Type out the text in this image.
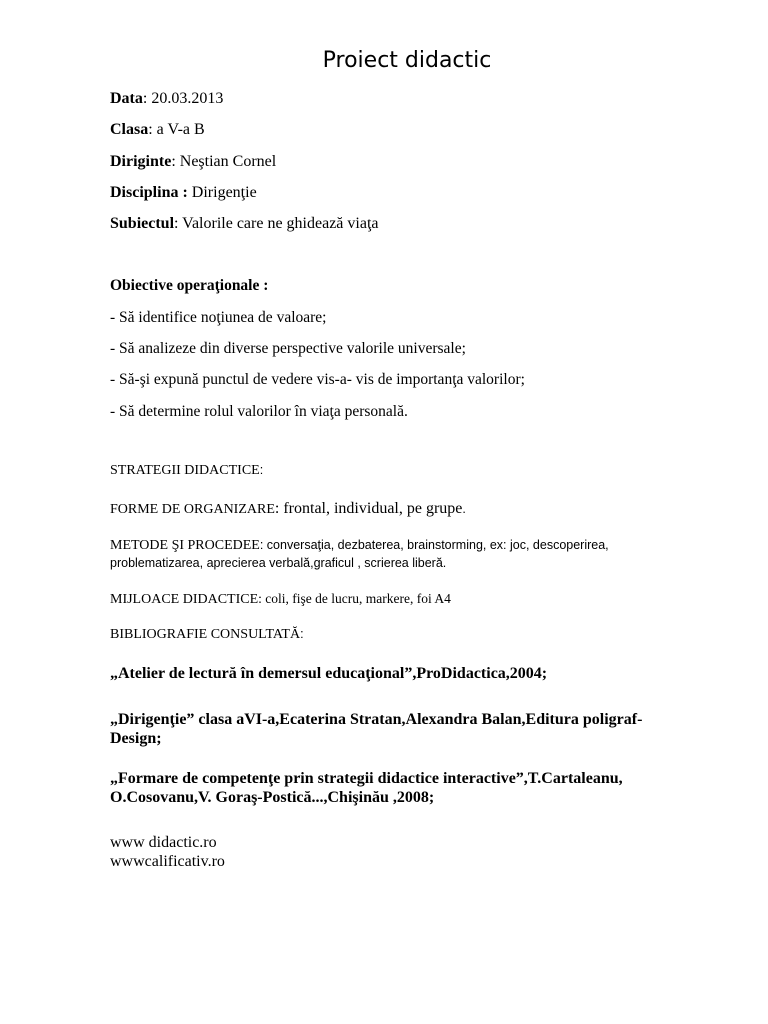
Proiect didactic
Data: 20.03.2013
Clasa: a V-a B
Diriginte: Neştian Cornel
Disciplina : Dirigenţie
Subiectul: Valorile care ne ghidează viaţa
Obiective operaţionale :
- Să identifice noţiunea de valoare;
- Să analizeze din diverse perspective valorile universale;
- Să-şi expună punctul de vedere vis-a- vis de importanţa valorilor;
- Să determine rolul valorilor în viaţa personală.
STRATEGII DIDACTICE:
FORME DE ORGANIZARE: frontal, individual, pe grupe.
METODE ŞI PROCEDEE: conversaţia, dezbaterea, brainstorming, ex: joc, descoperirea,
problematizarea, aprecierea verbală,graficul , scrierea liberă.
MIJLOACE DIDACTICE: coli, fişe de lucru, markere, foi A4
BIBLIOGRAFIE CONSULTATĂ:
„Atelier de lectură în demersul educaţional”,ProDidactica,2004;
„Dirigenţie” clasa aVI-a,Ecaterina Stratan,Alexandra Balan,Editura poligraf-
Design;
„Formare de competenţe prin strategii didactice interactive”,T.Cartaleanu,
O.Cosovanu,V. Goraş-Postică...,Chişinău ,2008;
www didactic.ro
wwwcalificativ.ro
